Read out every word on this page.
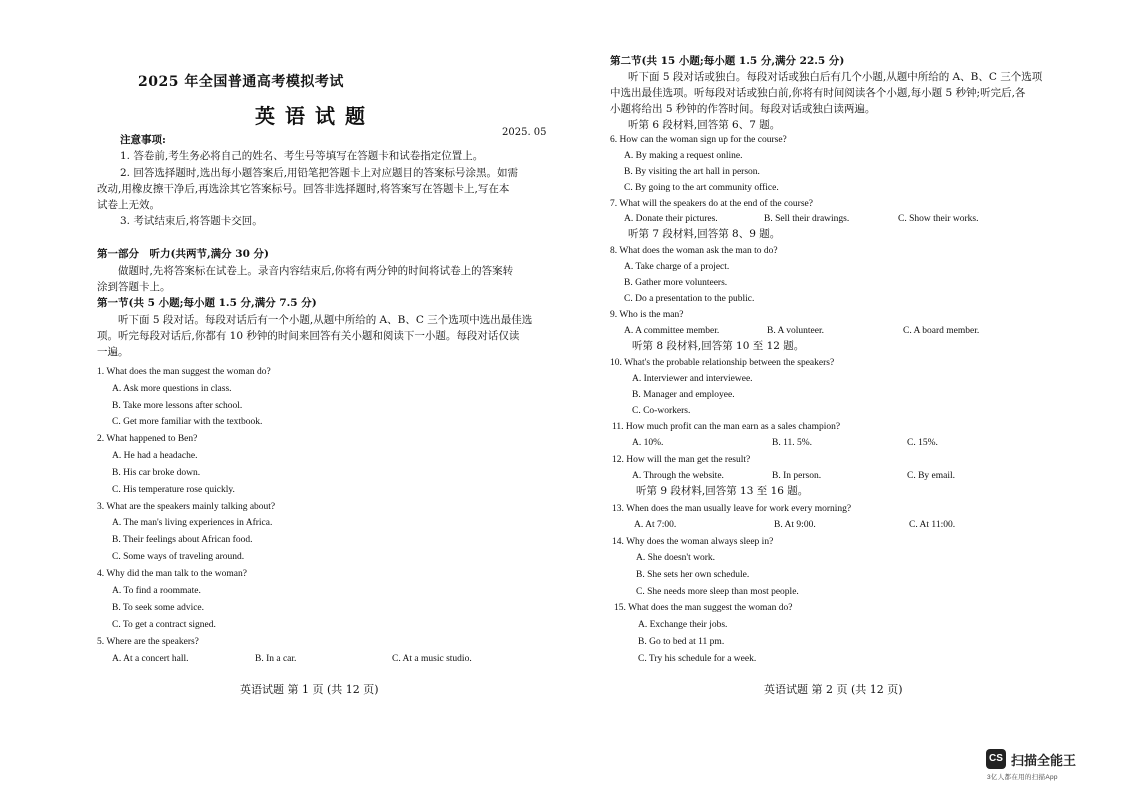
2025 年全国普通高考模拟考试
英语试题
2025. 05
注意事项:
1. 答卷前,考生务必将自己的姓名、考生号等填写在答题卡和试卷指定位置上。
2. 回答选择题时,选出每小题答案后,用铅笔把答题卡上对应题目的答案标号涂黑。如需
改动,用橡皮擦干净后,再选涂其它答案标号。回答非选择题时,将答案写在答题卡上,写在本
试卷上无效。
3. 考试结束后,将答题卡交回。
第一部分　听力(共两节,满分 30 分)
做题时,先将答案标在试卷上。录音内容结束后,你将有两分钟的时间将试卷上的答案转
涂到答题卡上。
第一节(共 5 小题;每小题 1.5 分,满分 7.5 分)
听下面 5 段对话。每段对话后有一个小题,从题中所给的 A、B、C 三个选项中选出最佳选
项。听完每段对话后,你都有 10 秒钟的时间来回答有关小题和阅读下一小题。每段对话仅读
一遍。
1. What does the man suggest the woman do?
A. Ask more questions in class.
B. Take more lessons after school.
C. Get more familiar with the textbook.
2. What happened to Ben?
A. He had a headache.
B. His car broke down.
C. His temperature rose quickly.
3. What are the speakers mainly talking about?
A. The man's living experiences in Africa.
B. Their feelings about African food.
C. Some ways of traveling around.
4. Why did the man talk to the woman?
A. To find a roommate.
B. To seek some advice.
C. To get a contract signed.
5. Where are the speakers?
A. At a concert hall.	B. In a car.	C. At a music studio.
英语试题 第 1 页 (共 12 页)
第二节(共 15 小题;每小题 1.5 分,满分 22.5 分)
听下面 5 段对话或独白。每段对话或独白后有几个小题,从题中所给的 A、B、C 三个选项
中选出最佳选项。听每段对话或独白前,你将有时间阅读各个小题,每小题 5 秒钟;听完后,各
小题将给出 5 秒钟的作答时间。每段对话或独白读两遍。
听第 6 段材料,回答第 6、7 题。
6. How can the woman sign up for the course?
A. By making a request online.
B. By visiting the art hall in person.
C. By going to the art community office.
7. What will the speakers do at the end of the course?
A. Donate their pictures.	B. Sell their drawings.	C. Show their works.
听第 7 段材料,回答第 8、9 题。
8. What does the woman ask the man to do?
A. Take charge of a project.
B. Gather more volunteers.
C. Do a presentation to the public.
9. Who is the man?
A. A committee member.	B. A volunteer.	C. A board member.
听第 8 段材料,回答第 10 至 12 题。
10. What's the probable relationship between the speakers?
A. Interviewer and interviewee.
B. Manager and employee.
C. Co-workers.
11. How much profit can the man earn as a sales champion?
A. 10%.	B. 11. 5%.	C. 15%.
12. How will the man get the result?
A. Through the website.	B. In person.	C. By email.
听第 9 段材料,回答第 13 至 16 题。
13. When does the man usually leave for work every morning?
A. At 7:00.	B. At 9:00.	C. At 11:00.
14. Why does the woman always sleep in?
A. She doesn't work.
B. She sets her own schedule.
C. She needs more sleep than most people.
15. What does the man suggest the woman do?
A. Exchange their jobs.
B. Go to bed at 11 pm.
C. Try his schedule for a week.
英语试题 第 2 页 (共 12 页)
CS 扫描全能王
3亿人都在用的扫描App
